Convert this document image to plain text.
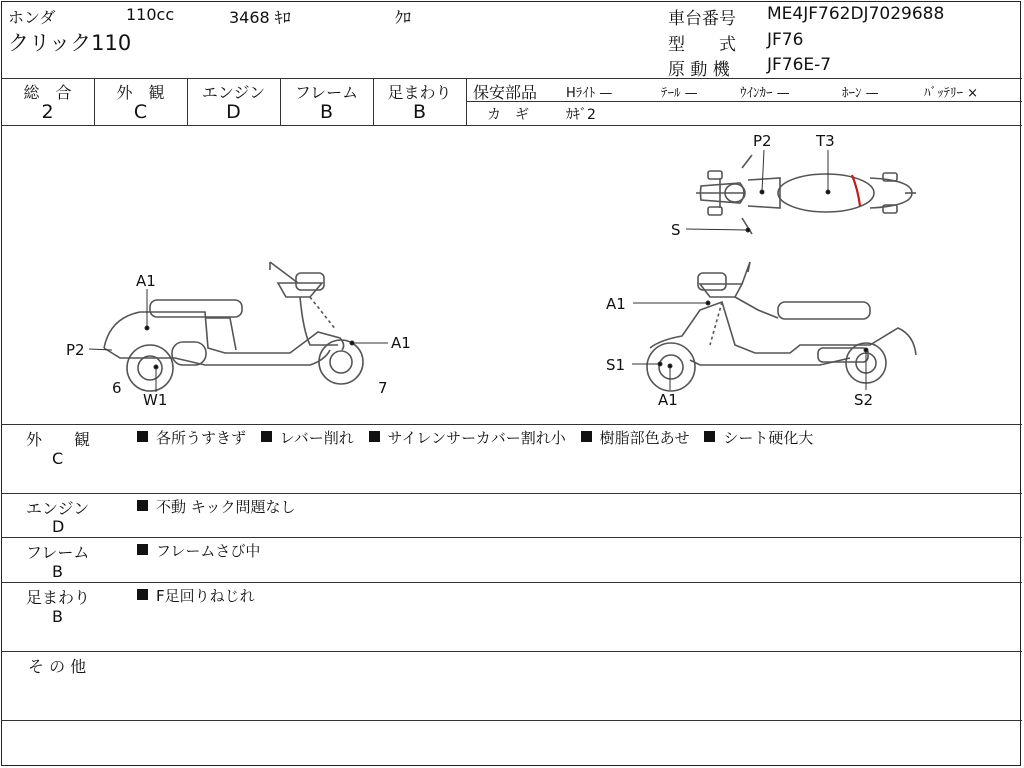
ホンダ	110cc	3468 ｷﾛ	ｸﾛ
クリック110
車台番号 ME4JF762DJ7029688
型　　式 JF76
原 動 機 JF76E-7
総　合
2
外　観
C
エンジン
D
フレーム
B
足まわり
B
保安部品 Hﾗｲﾄ —	ﾃｰﾙ —	ｳｲﾝｶｰ —	ﾎｰﾝ —	ﾊﾞｯﾃﾘｰ ×
カ　ギ	ｶｷﾞ2
P2	T3
S
A1
P2	A1
6
W1
7
A1
S1
A1	S2
外　　観
C
各所うすきず レバー削れ サイレンサーカバー割れ小 樹脂部色あせ シート硬化大
エンジン
D
不動 キック問題なし
フレーム
B
フレームさび中
足まわり
B
F足回りねじれ
そ の 他
